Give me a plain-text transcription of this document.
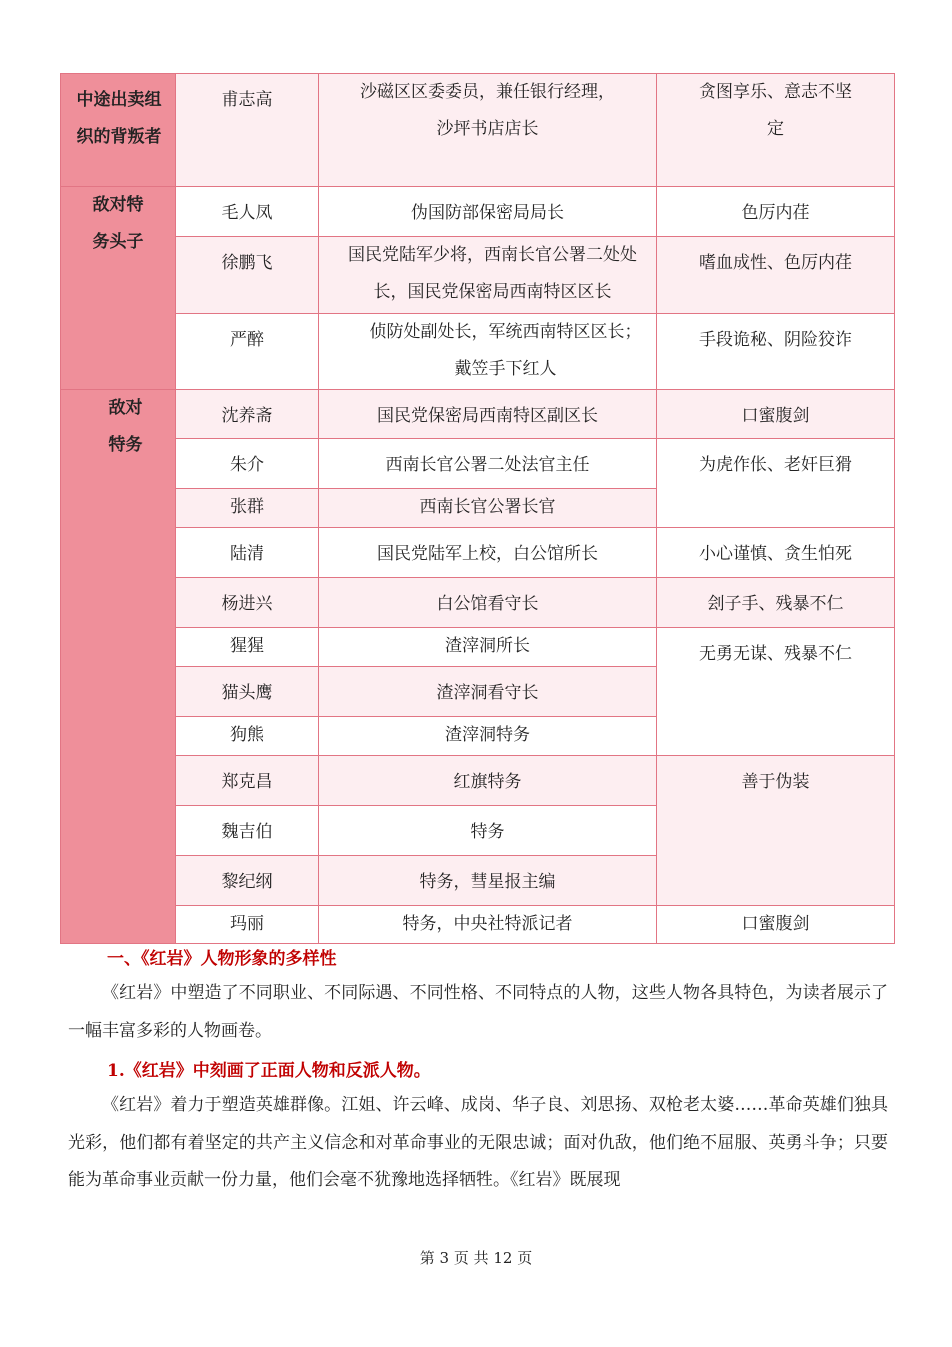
中途出卖组织的背叛者	甫志高	沙磁区区委委员，兼任银行经理，沙坪书店店长	贪图享乐、意志不坚定
敌对特务头子	毛人凤	伪国防部保密局局长	色厉内荏
	徐鹏飞	国民党陆军少将，西南长官公署二处处长，国民党保密局西南特区区长	嗜血成性、色厉内荏
	严醉	侦防处副处长，军统西南特区区长；戴笠手下红人	手段诡秘、阴险狡诈
敌对特务	沈养斋	国民党保密局西南特区副区长	口蜜腹剑
	朱介	西南长官公署二处法官主任	为虎作伥、老奸巨猾
	张群	西南长官公署长官	
	陆清	国民党陆军上校，白公馆所长	小心谨慎、贪生怕死
	杨进兴	白公馆看守长	刽子手、残暴不仁
	猩猩	渣滓洞所长	无勇无谋、残暴不仁
	猫头鹰	渣滓洞看守长	
	狗熊	渣滓洞特务	
	郑克昌	红旗特务	善于伪装
	魏吉伯	特务	
	黎纪纲	特务，彗星报主编	
	玛丽	特务，中央社特派记者	口蜜腹剑
一、《红岩》人物形象的多样性
《红岩》中塑造了不同职业、不同际遇、不同性格、不同特点的人物，这些人物各具特色，为读者展示了一幅丰富多彩的人物画卷。
1.《红岩》中刻画了正面人物和反派人物。
《红岩》着力于塑造英雄群像。江姐、许云峰、成岗、华子良、刘思扬、双枪老太婆……革命英雄们独具光彩，他们都有着坚定的共产主义信念和对革命事业的无限忠诚；面对仇敌，他们绝不屈服、英勇斗争；只要能为革命事业贡献一份力量，他们会毫不犹豫地选择牺牲。《红岩》既展现
第 3 页 共 12 页
